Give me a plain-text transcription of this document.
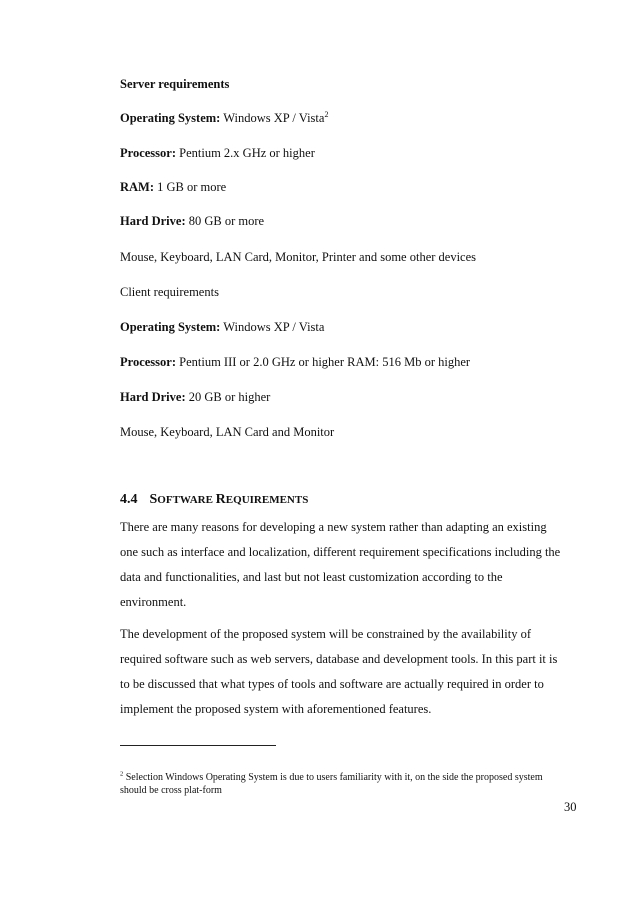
Server requirements
Operating System: Windows XP / Vista$^2$
Processor: Pentium 2.x GHz or higher
RAM: 1 GB or more
Hard Drive: 80 GB or more
Mouse, Keyboard, LAN Card, Monitor, Printer and some other devices
Client requirements
Operating System: Windows XP / Vista
Processor: Pentium III or 2.0 GHz or higher RAM: 516 Mb or higher
Hard Drive: 20 GB or higher
Mouse, Keyboard, LAN Card and Monitor
4.4 SOFTWARE REQUIREMENTS
There are many reasons for developing a new system rather than adapting an existing
one such as interface and localization, different requirement specifications including the
data and functionalities, and last but not least customization according to the
environment.
The development of the proposed system will be constrained by the availability of
required software such as web servers, database and development tools. In this part it is
to be discussed that what types of tools and software are actually required in order to
implement the proposed system with aforementioned features.
$^2$ Selection Windows Operating System is due to users familiarity with it, on the side the proposed system
should be cross plat-form
30
